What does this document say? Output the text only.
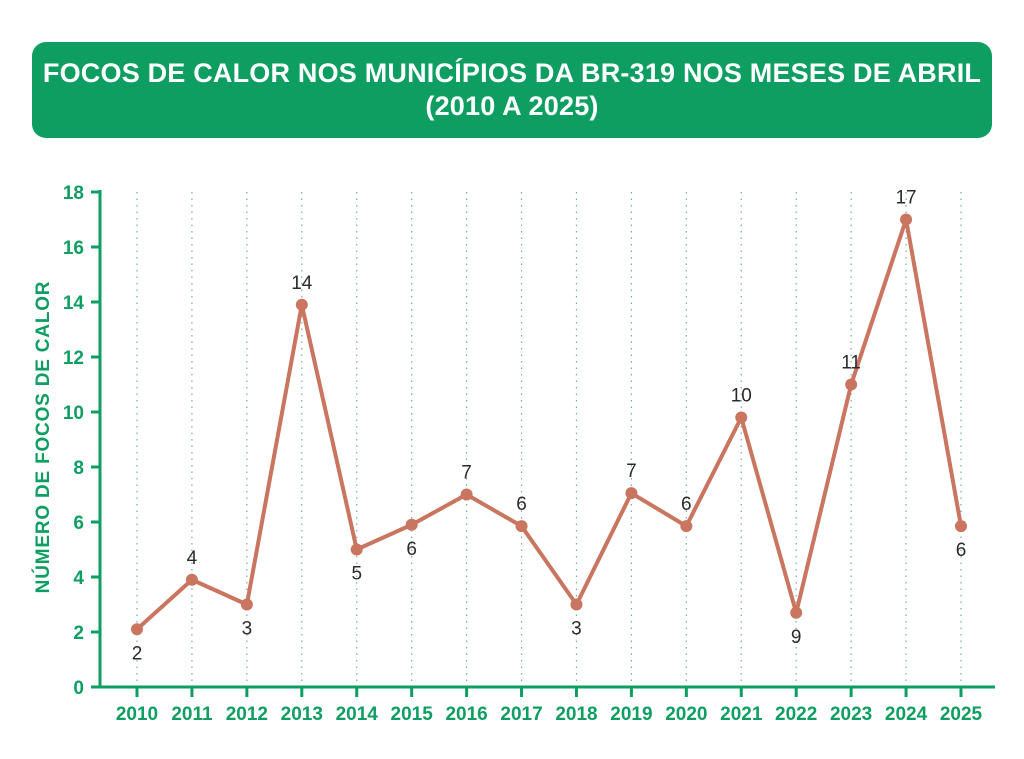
FOCOS DE CALOR NOS MUNICÍPIOS DA BR-319 NOS MESES DE ABRIL
(2010 A 2025)
NÚMERO DE FOCOS DE CALOR
0
2
4
6
8
10
12
14
16
18
2010 2011 2012 2013 2014 2015 2016 2017 2018 2019 2020 2021 2022 2023 2024 2025
2
4
3
14
5
6
7
6
3
7
6
10
9
11
17
6
